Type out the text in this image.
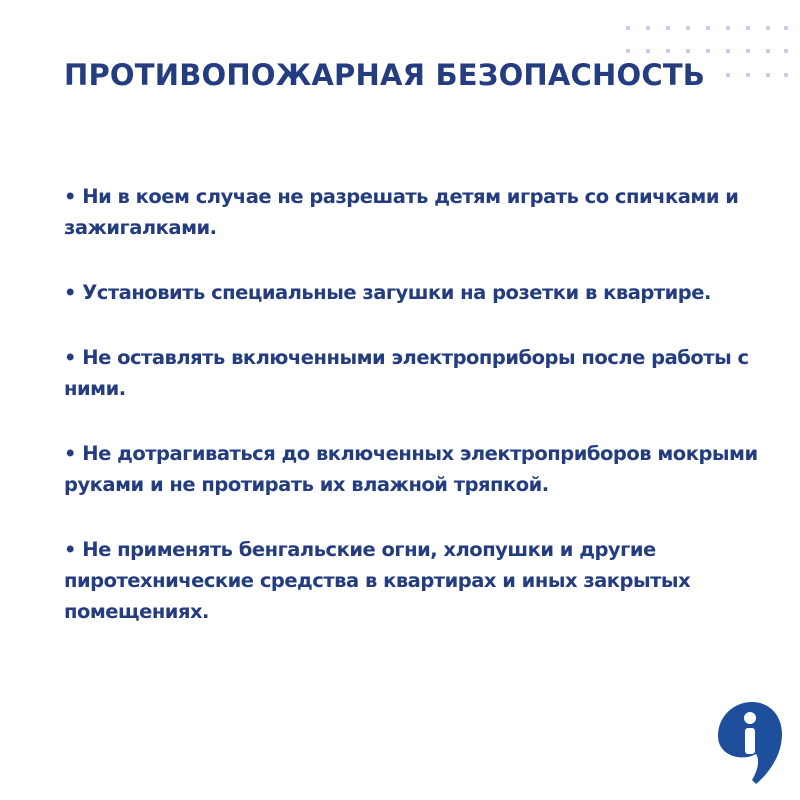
ПРОТИВОПОЖАРНАЯ БЕЗОПАСНОСТЬ
• Ни в коем случае не разрешать детям играть со спичками и зажигалками.
• Установить специальные загушки на розетки в квартире.
• Не оставлять включенными электроприборы после работы с ними.
• Не дотрагиваться до включенных электроприборов мокрыми руками и не протирать их влажной тряпкой.
• Не применять бенгальские огни, хлопушки и другие пиротехнические средства в квартирах и иных закрытых помещениях.
